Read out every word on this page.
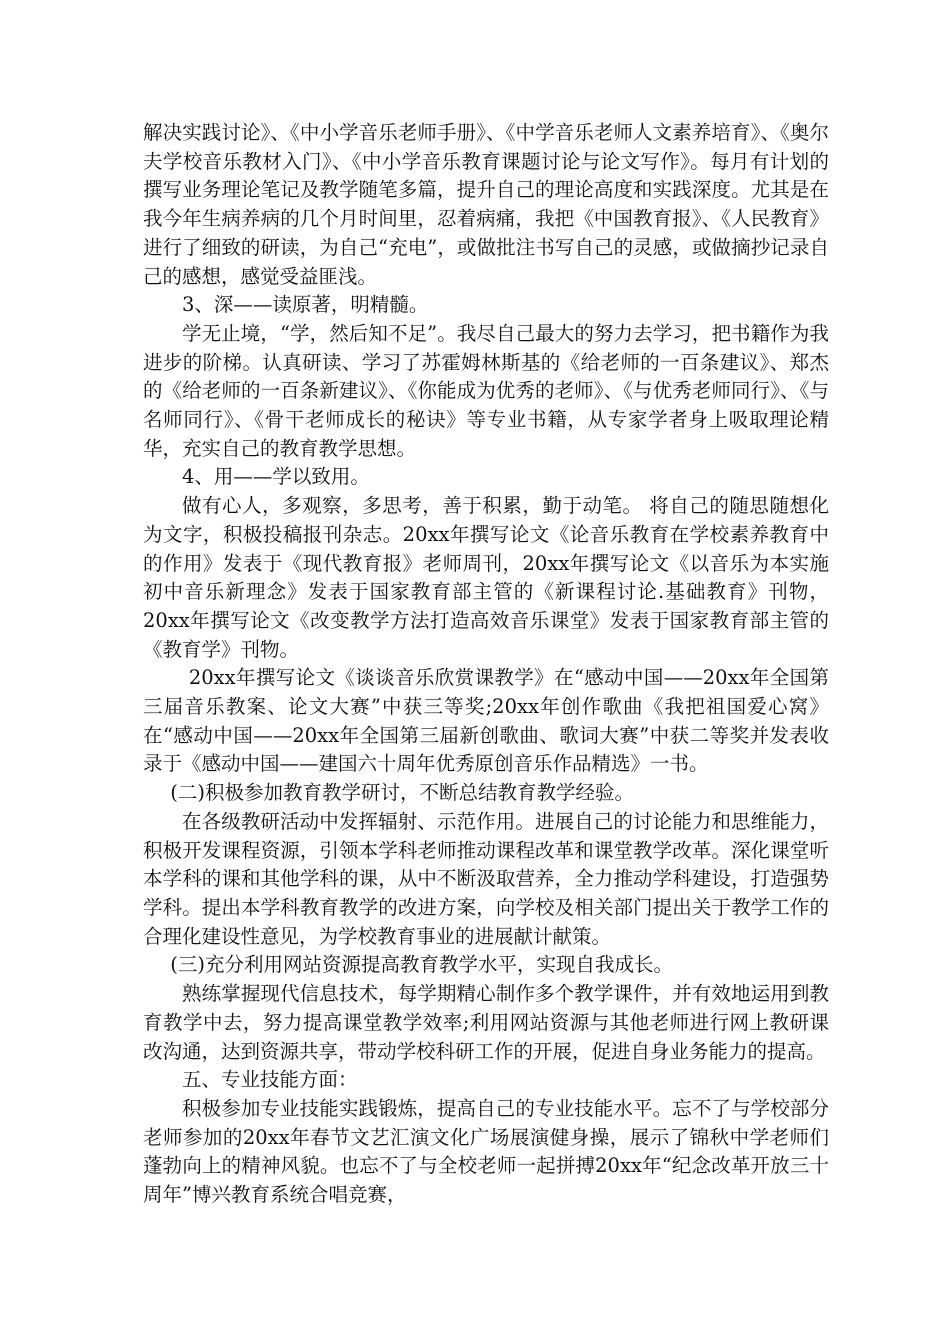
解决实践讨论》、《中小学音乐老师手册》、《中学音乐老师人文素养培育》、《奥尔夫学校音乐教材入门》、《中小学音乐教育课题讨论与论文写作》。每月有计划的撰写业务理论笔记及教学随笔多篇，提升自己的理论高度和实践深度。尤其是在我今年生病养病的几个月时间里，忍着病痛，我把《中国教育报》、《人民教育》进行了细致的研读，为自己“充电”，或做批注书写自己的灵感，或做摘抄记录自己的感想，感觉受益匪浅。

3、深——读原著，明精髓。

学无止境，“学，然后知不足”。我尽自己最大的努力去学习，把书籍作为我进步的阶梯。认真研读、学习了苏霍姆林斯基的《给老师的一百条建议》、郑杰的《给老师的一百条新建议》、《你能成为优秀的老师》、《与优秀老师同行》、《与名师同行》、《骨干老师成长的秘诀》等专业书籍，从专家学者身上吸取理论精华，充实自己的教育教学思想。

4、用——学以致用。

做有心人，多观察，多思考，善于积累，勤于动笔。 将自己的随思随想化为文字，积极投稿报刊杂志。20xx年撰写论文《论音乐教育在学校素养教育中的作用》发表于《现代教育报》老师周刊，20xx年撰写论文《以音乐为本实施初中音乐新理念》发表于国家教育部主管的《新课程讨论.基础教育》刊物，20xx年撰写论文《改变教学方法打造高效音乐课堂》发表于国家教育部主管的《教育学》刊物。

20xx年撰写论文《谈谈音乐欣赏课教学》在“感动中国——20xx年全国第三届音乐教案、论文大赛”中获三等奖;20xx年创作歌曲《我把祖国爱心窝》在“感动中国——20xx年全国第三届新创歌曲、歌词大赛”中获二等奖并发表收录于《感动中国——建国六十周年优秀原创音乐作品精选》一书。

(二)积极参加教育教学研讨，不断总结教育教学经验。

在各级教研活动中发挥辐射、示范作用。进展自己的讨论能力和思维能力，积极开发课程资源，引领本学科老师推动课程改革和课堂教学改革。深化课堂听本学科的课和其他学科的课，从中不断汲取营养，全力推动学科建设，打造强势学科。提出本学科教育教学的改进方案，向学校及相关部门提出关于教学工作的合理化建设性意见，为学校教育事业的进展献计献策。

(三)充分利用网站资源提高教育教学水平，实现自我成长。

熟练掌握现代信息技术，每学期精心制作多个教学课件，并有效地运用到教育教学中去，努力提高课堂教学效率;利用网站资源与其他老师进行网上教研课改沟通，达到资源共享，带动学校科研工作的开展，促进自身业务能力的提高。

五、专业技能方面：

积极参加专业技能实践锻炼，提高自己的专业技能水平。忘不了与学校部分老师参加的20xx年春节文艺汇演文化广场展演健身操，展示了锦秋中学老师们蓬勃向上的精神风貌。也忘不了与全校老师一起拼搏20xx年“纪念改革开放三十周年”博兴教育系统合唱竞赛，
